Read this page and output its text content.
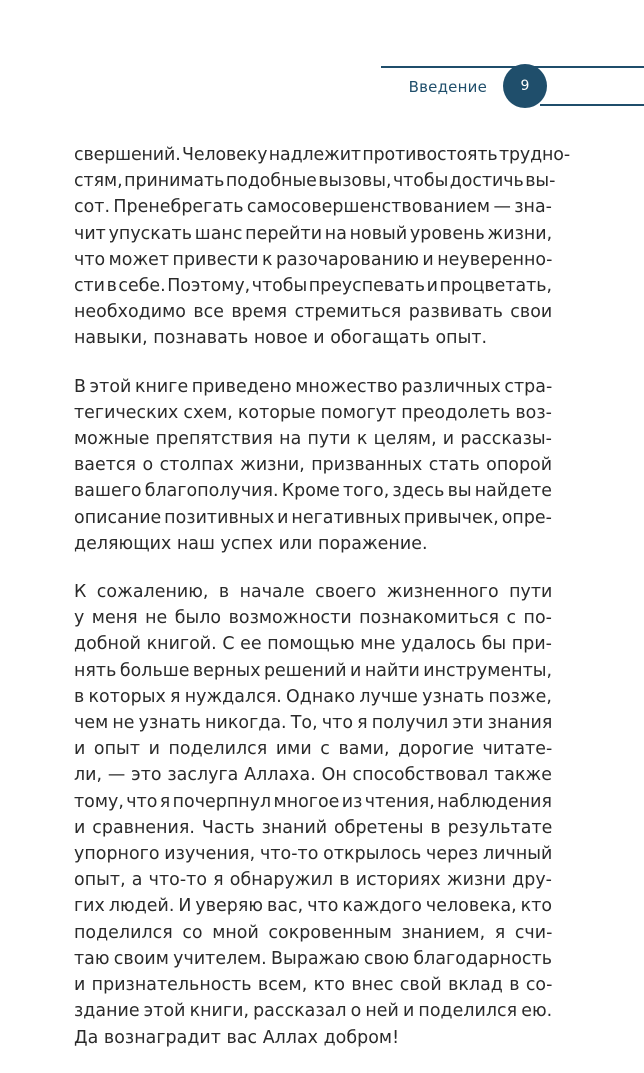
Введение	9
свершений. Человеку надлежит противостоять трудно-
стям, принимать подобные вызовы, чтобы достичь вы-
сот. Пренебрегать самосовершенствованием — зна-
чит упускать шанс перейти на новый уровень жизни,
что может привести к разочарованию и неуверенно-
сти в себе. Поэтому, чтобы преуспевать и процветать,
необходимо все время стремиться развивать свои
навыки, познавать новое и обогащать опыт.
В этой книге приведено множество различных стра-
тегических схем, которые помогут преодолеть воз-
можные препятствия на пути к целям, и рассказы-
вается о столпах жизни, призванных стать опорой
вашего благополучия. Кроме того, здесь вы найдете
описание позитивных и негативных привычек, опре-
деляющих наш успех или поражение.
К сожалению, в начале своего жизненного пути
у меня не было возможности познакомиться с по-
добной книгой. С ее помощью мне удалось бы при-
нять больше верных решений и найти инструменты,
в которых я нуждался. Однако лучше узнать позже,
чем не узнать никогда. То, что я получил эти знания
и опыт и поделился ими с вами, дорогие читате-
ли, — это заслуга Аллаха. Он способствовал также
тому, что я почерпнул многое из чтения, наблюдения
и сравнения. Часть знаний обретены в результате
упорного изучения, что-то открылось через личный
опыт, а что-то я обнаружил в историях жизни дру-
гих людей. И уверяю вас, что каждого человека, кто
поделился со мной сокровенным знанием, я счи-
таю своим учителем. Выражаю свою благодарность
и признательность всем, кто внес свой вклад в со-
здание этой книги, рассказал о ней и поделился ею.
Да вознаградит вас Аллах добром!
